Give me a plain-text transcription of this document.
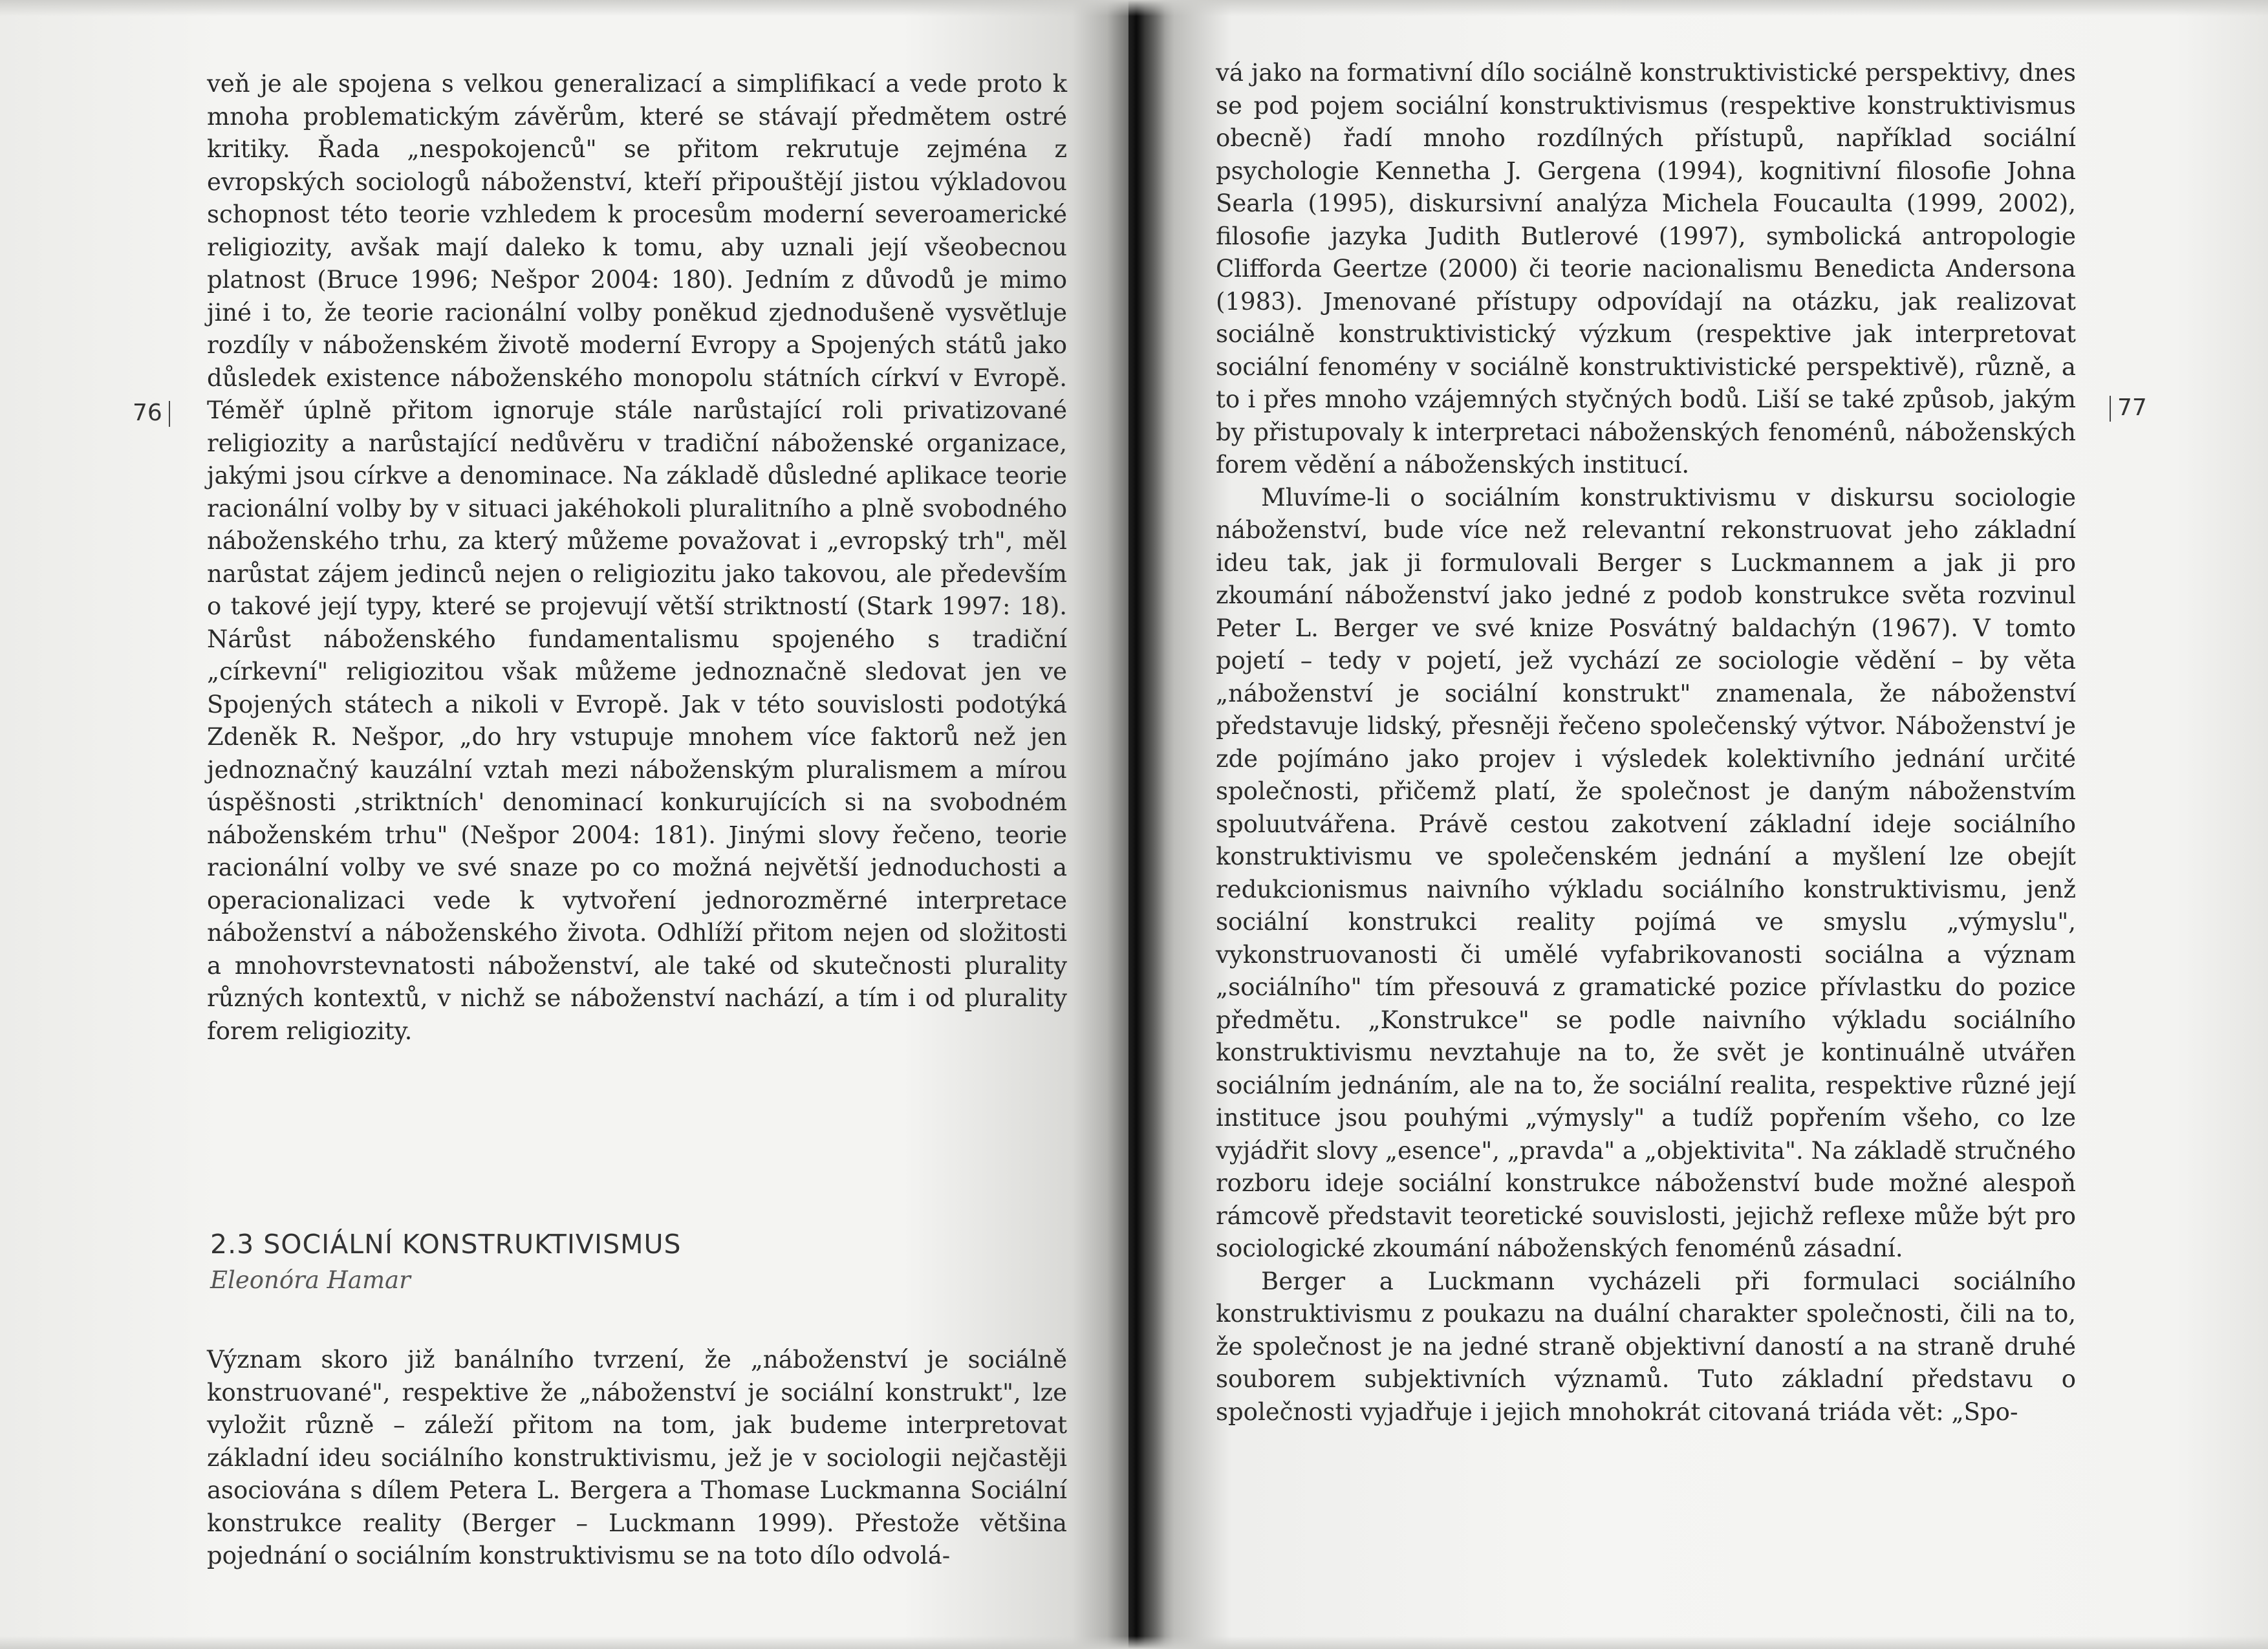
veň je ale spojena s velkou generalizací a simplifikací a vede proto k mnoha problematickým závěrům, které se stávají předmětem ostré kritiky. Řada „nespokojenců" se přitom rekrutuje zejména z evropských sociologů náboženství, kteří připouštějí jistou výkladovou schopnost této teorie vzhledem k procesům moderní severoamerické religiozity, avšak mají daleko k tomu, aby uznali její všeobecnou platnost (Bruce 1996; Nešpor 2004: 180). Jedním z důvodů je mimo jiné i to, že teorie racionální volby poněkud zjednodušeně vysvětluje rozdíly v náboženském životě moderní Evropy a Spojených států jako důsledek existence náboženského monopolu státních církví v Evropě. Téměř úplně přitom ignoruje stále narůstající roli privatizované religiozity a narůstající nedůvěru v tradiční náboženské organizace, jakými jsou církve a denominace. Na základě důsledné aplikace teorie racionální volby by v situaci jakéhokoli pluralitního a plně svobodného náboženského trhu, za který můžeme považovat i „evropský trh", měl narůstat zájem jedinců nejen o religiozitu jako takovou, ale především o takové její typy, které se projevují větší striktností (Stark 1997: 18). Nárůst náboženského fundamentalismu spojeného s tradiční „církevní" religiozitou však můžeme jednoznačně sledovat jen ve Spojených státech a nikoli v Evropě. Jak v této souvislosti podotýká Zdeněk R. Nešpor, „do hry vstupuje mnohem více faktorů než jen jednoznačný kauzální vztah mezi náboženským pluralismem a mírou úspěšnosti ‚striktních' denominací konkurujících si na svobodném náboženském trhu" (Nešpor 2004: 181). Jinými slovy řečeno, teorie racionální volby ve své snaze po co možná největší jednoduchosti a operacionalizaci vede k vytvoření jednorozměrné interpretace náboženství a náboženského života. Odhlíží přitom nejen od složitosti a mnohovrstevnatosti náboženství, ale také od skutečnosti plurality různých kontextů, v nichž se náboženství nachází, a tím i od plurality forem religiozity.

2.3 SOCIÁLNÍ KONSTRUKTIVISMUS
Eleonóra Hamar

Význam skoro již banálního tvrzení, že „náboženství je sociálně konstruované", respektive že „náboženství je sociální konstrukt", lze vyložit různě – záleží přitom na tom, jak budeme interpretovat základní ideu sociálního konstruktivismu, jež je v sociologii nejčastěji asociována s dílem Petera L. Bergera a Thomase Luckmanna Sociální konstrukce reality (Berger – Luckmann 1999). Přestože většina pojednání o sociálním konstruktivismu se na toto dílo odvolá-

76

vá jako na formativní dílo sociálně konstruktivistické perspektivy, dnes se pod pojem sociální konstruktivismus (respektive konstruktivismus obecně) řadí mnoho rozdílných přístupů, například sociální psychologie Kennetha J. Gergena (1994), kognitivní filosofie Johna Searla (1995), diskursivní analýza Michela Foucaulta (1999, 2002), filosofie jazyka Judith Butlerové (1997), symbolická antropologie Clifforda Geertze (2000) či teorie nacionalismu Benedicta Andersona (1983). Jmenované přístupy odpovídají na otázku, jak realizovat sociálně konstruktivistický výzkum (respektive jak interpretovat sociální fenomény v sociálně konstruktivistické perspektivě), různě, a to i přes mnoho vzájemných styčných bodů. Liší se také způsob, jakým by přistupovaly k interpretaci náboženských fenoménů, náboženských forem vědění a náboženských institucí.

Mluvíme-li o sociálním konstruktivismu v diskursu sociologie náboženství, bude více než relevantní rekonstruovat jeho základní ideu tak, jak ji formulovali Berger s Luckmannem a jak ji pro zkoumání náboženství jako jedné z podob konstrukce světa rozvinul Peter L. Berger ve své knize Posvátný baldachýn (1967). V tomto pojetí – tedy v pojetí, jež vychází ze sociologie vědění – by věta „náboženství je sociální konstrukt" znamenala, že náboženství představuje lidský, přesněji řečeno společenský výtvor. Náboženství je zde pojímáno jako projev i výsledek kolektivního jednání určité společnosti, přičemž platí, že společnost je daným náboženstvím spoluutvářena. Právě cestou zakotvení základní ideje sociálního konstruktivismu ve společenském jednání a myšlení lze obejít redukcionismus naivního výkladu sociálního konstruktivismu, jenž sociální konstrukci reality pojímá ve smyslu „výmyslu", vykonstruovanosti či umělé vyfabrikovanosti sociálna a význam „sociálního" tím přesouvá z gramatické pozice přívlastku do pozice předmětu. „Konstrukce" se podle naivního výkladu sociálního konstruktivismu nevztahuje na to, že svět je kontinuálně utvářen sociálním jednáním, ale na to, že sociální realita, respektive různé její instituce jsou pouhými „výmysly" a tudíž popřením všeho, co lze vyjádřit slovy „esence", „pravda" a „objektivita". Na základě stručného rozboru ideje sociální konstrukce náboženství bude možné alespoň rámcově představit teoretické souvislosti, jejichž reflexe může být pro sociologické zkoumání náboženských fenoménů zásadní.

Berger a Luckmann vycházeli při formulaci sociálního konstruktivismu z poukazu na duální charakter společnosti, čili na to, že společnost je na jedné straně objektivní daností a na straně druhé souborem subjektivních významů. Tuto základní představu o společnosti vyjadřuje i jejich mnohokrát citovaná triáda vět: „Spo-

77
